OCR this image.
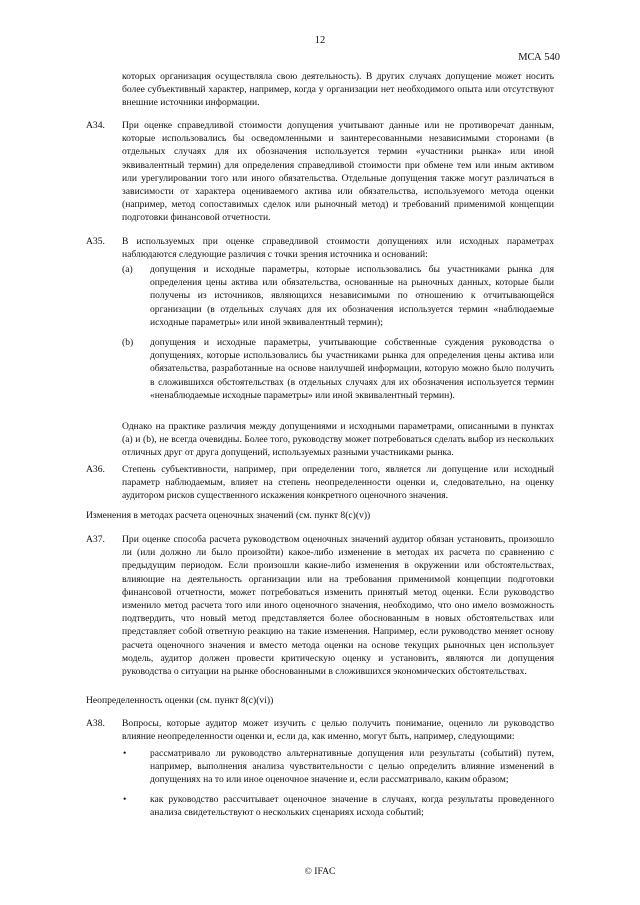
12
МСА 540

которых организация осуществляла свою деятельность). В других случаях допущение может носить более субъективный характер, например, когда у организации нет необходимого опыта или отсутствуют внешние источники информации.

A34. При оценке справедливой стоимости допущения учитывают данные или не противоречат данным, которые использовались бы осведомленными и заинтересованными независимыми сторонами (в отдельных случаях для их обозначения используется термин «участники рынка» или иной эквивалентный термин) для определения справедливой стоимости при обмене тем или иным активом или урегулировании того или иного обязательства. Отдельные допущения также могут различаться в зависимости от характера оцениваемого актива или обязательства, используемого метода оценки (например, метод сопоставимых сделок или рыночный метод) и требований применимой концепции подготовки финансовой отчетности.

A35. В используемых при оценке справедливой стоимости допущениях или исходных параметрах наблюдаются следующие различия с точки зрения источника и оснований:

(a) допущения и исходные параметры, которые использовались бы участниками рынка для определения цены актива или обязательства, основанные на рыночных данных, которые были получены из источников, являющихся независимыми по отношению к отчитывающейся организации (в отдельных случаях для их обозначения используется термин «наблюдаемые исходные параметры» или иной эквивалентный термин);

(b) допущения и исходные параметры, учитывающие собственные суждения руководства о допущениях, которые использовались бы участниками рынка для определения цены актива или обязательства, разработанные на основе наилучшей информации, которую можно было получить в сложившихся обстоятельствах (в отдельных случаях для их обозначения используется термин «ненаблюдаемые исходные параметры» или иной эквивалентный термин).

Однако на практике различия между допущениями и исходными параметрами, описанными в пунктах (a) и (b), не всегда очевидны. Более того, руководству может потребоваться сделать выбор из нескольких отличных друг от друга допущений, используемых разными участниками рынка.

A36. Степень субъективности, например, при определении того, является ли допущение или исходный параметр наблюдаемым, влияет на степень неопределенности оценки и, следовательно, на оценку аудитором рисков существенного искажения конкретного оценочного значения.

Изменения в методах расчета оценочных значений (см. пункт 8(c)(v))
A37. При оценке способа расчета руководством оценочных значений аудитор обязан установить, произошло ли (или должно ли было произойти) какое-либо изменение в методах их расчета по сравнению с предыдущим периодом. Если произошли какие-либо изменения в окружении или обстоятельствах, влияющие на деятельность организации или на требования применимой концепции подготовки финансовой отчетности, может потребоваться изменить принятый метод оценки. Если руководство изменило метод расчета того или иного оценочного значения, необходимо, что оно имело возможность подтвердить, что новый метод представляется более обоснованным в новых обстоятельствах или представляет собой ответную реакцию на такие изменения. Например, если руководство меняет основу расчета оценочного значения и вместо метода оценки на основе текущих рыночных цен использует модель, аудитор должен провести критическую оценку и установить, являются ли допущения руководства о ситуации на рынке обоснованными в сложившихся экономических обстоятельствах.

Неопределенность оценки (см. пункт 8(c)(vi))
A38. Вопросы, которые аудитор может изучить с целью получить понимание, оценило ли руководство влияние неопределенности оценки и, если да, как именно, могут быть, например, следующими:

• рассматривало ли руководство альтернативные допущения или результаты (событий) путем, например, выполнения анализа чувствительности с целью определить влияние изменений в допущениях на то или иное оценочное значение и, если рассматривало, каким образом;

• как руководство рассчитывает оценочное значение в случаях, когда результаты проведенного анализа свидетельствуют о нескольких сценариях исхода событий;

© IFAC
